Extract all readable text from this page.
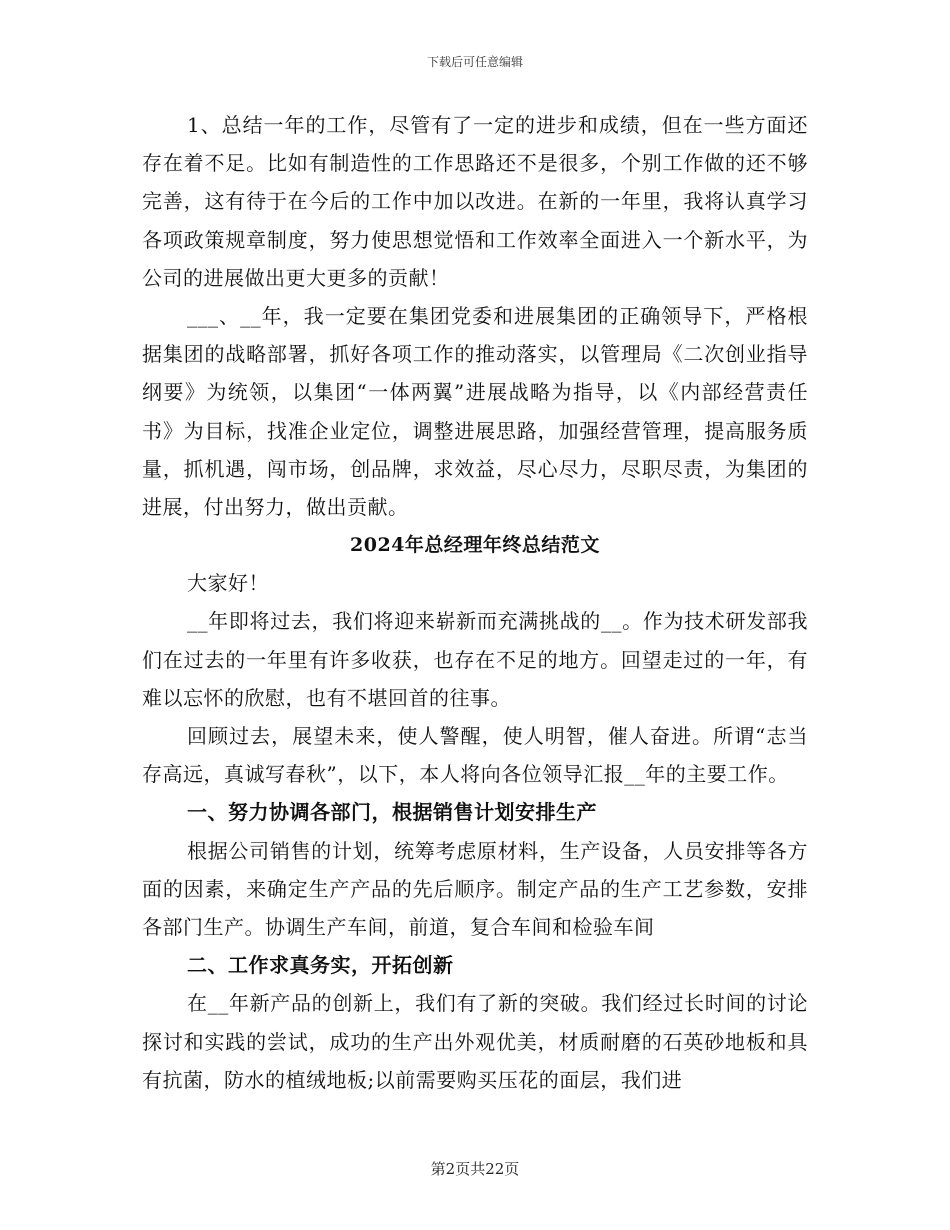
下载后可任意编辑

1、总结一年的工作，尽管有了一定的进步和成绩，但在一些方面还存在着不足。比如有制造性的工作思路还不是很多，个别工作做的还不够完善，这有待于在今后的工作中加以改进。在新的一年里，我将认真学习各项政策规章制度，努力使思想觉悟和工作效率全面进入一个新水平，为公司的进展做出更大更多的贡献！

___、__年，我一定要在集团党委和进展集团的正确领导下，严格根据集团的战略部署，抓好各项工作的推动落实，以管理局《二次创业指导纲要》为统领，以集团“一体两翼”进展战略为指导，以《内部经营责任书》为目标，找准企业定位，调整进展思路，加强经营管理，提高服务质量，抓机遇，闯市场，创品牌，求效益，尽心尽力，尽职尽责，为集团的进展，付出努力，做出贡献。

2024年总经理年终总结范文

大家好！

__年即将过去，我们将迎来崭新而充满挑战的__。作为技术研发部我们在过去的一年里有许多收获，也存在不足的地方。回望走过的一年，有难以忘怀的欣慰，也有不堪回首的往事。

回顾过去，展望未来，使人警醒，使人明智，催人奋进。所谓“志当存高远，真诚写春秋”，以下，本人将向各位领导汇报__年的主要工作。

一、努力协调各部门，根据销售计划安排生产

根据公司销售的计划，统筹考虑原材料，生产设备，人员安排等各方面的因素，来确定生产产品的先后顺序。制定产品的生产工艺参数，安排各部门生产。协调生产车间，前道，复合车间和检验车间

二、工作求真务实，开拓创新

在__年新产品的创新上，我们有了新的突破。我们经过长时间的讨论探讨和实践的尝试，成功的生产出外观优美，材质耐磨的石英砂地板和具有抗菌，防水的植绒地板;以前需要购买压花的面层，我们进

第2页共22页
